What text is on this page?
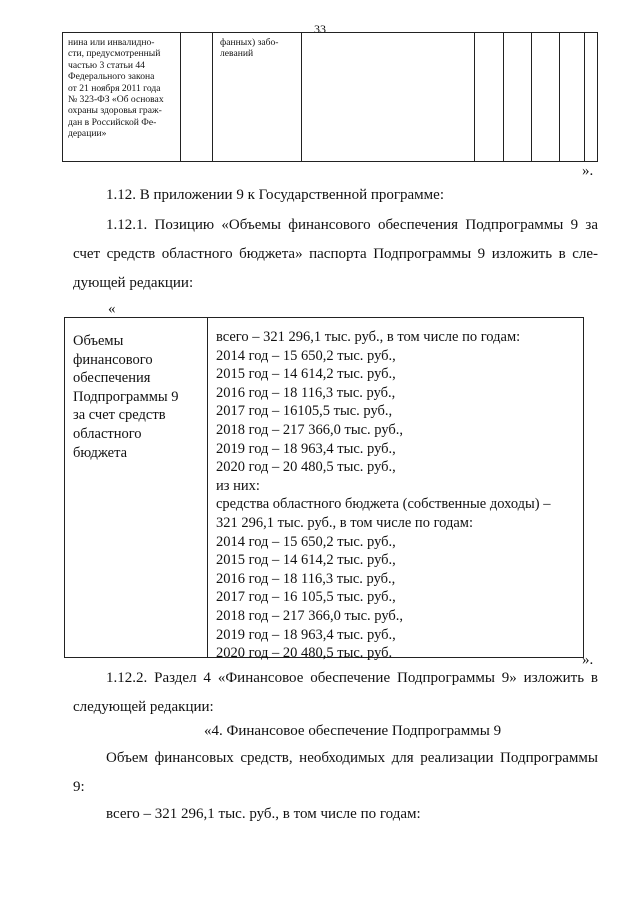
33
нина или инвалидно-
сти, предусмотренный
частью 3 статьи 44
Федерального закона
от 21 ноября 2011 года
№ 323-ФЗ «Об основах
охраны здоровья граж-
дан в Российской Фе-
дерации»
фанных) забо-
леваний
».
1.12. В приложении 9 к Государственной программе:
1.12.1. Позицию «Объемы финансового обеспечения Подпрограммы 9 за
счет средств областного бюджета» паспорта Подпрограммы 9 изложить в сле-
дующей редакции:
«
Объемы
финансового
обеспечения
Подпрограммы 9
за счет средств
областного
бюджета
всего – 321 296,1 тыс. руб., в том числе по годам:
2014 год – 15 650,2 тыс. руб.,
2015 год – 14 614,2 тыс. руб.,
2016 год – 18 116,3 тыс. руб.,
2017 год – 16105,5 тыс. руб.,
2018 год – 217 366,0 тыс. руб.,
2019 год – 18 963,4 тыс. руб.,
2020 год – 20 480,5 тыс. руб.,
из них:
средства областного бюджета (собственные доходы) –
321 296,1 тыс. руб., в том числе по годам:
2014 год – 15 650,2 тыс. руб.,
2015 год – 14 614,2 тыс. руб.,
2016 год – 18 116,3 тыс. руб.,
2017 год – 16 105,5 тыс. руб.,
2018 год – 217 366,0 тыс. руб.,
2019 год – 18 963,4 тыс. руб.,
2020 год – 20 480,5 тыс. руб.	».
1.12.2. Раздел 4 «Финансовое обеспечение Подпрограммы 9» изложить в
следующей редакции:
«4. Финансовое обеспечение Подпрограммы 9
Объем финансовых средств, необходимых для реализации Подпрограммы
9:
всего – 321 296,1 тыс. руб., в том числе по годам:
